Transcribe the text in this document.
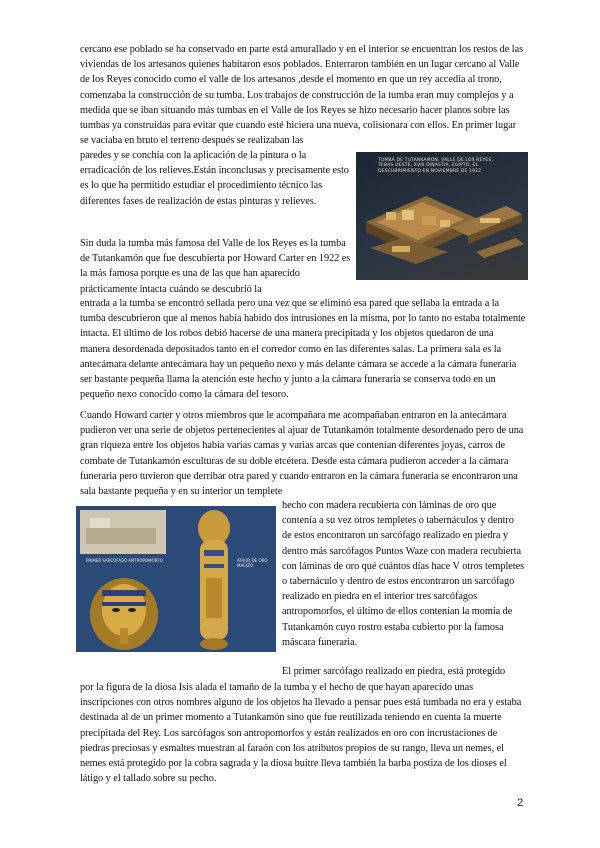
cercano ese poblado se ha conservado en parte está amurallado y en el interior se encuentran los restos de las viviendas de los artesanos quienes habitaron esos poblados. Enterraron también en un lugar cercano al Valle de los Reyes conocido como el valle de los artesanos ,desde el momento en que un rey accedía al trono, comenzaba la construcción de su tumba. Los trabajos de construcción de la tumba eran muy complejos y a medida que se iban situando más tumbas en el Valle de los Reyes se hizo necesario hacer planos sobre las tumbas ya construidas para evitar que cuando esté hiciera una nueva, colisionara con ellos. En primer lugar se vaciaba en bruto el terreno después se realizaban las

paredes y se conchía con la aplicación de la pintura o la erradicación de los relieves.Están inconclusas y precisamente esto es lo que ha permitido estudiar el procedimiento técnico las diferentes fases de realización de estas pinturas y relieves.

TUMBA DE TUTANKAMON, VALLE DE LOS REYES, TEBAS OESTE, XVIII DINASTIA, EGIPTO, EL DESCUBRIMIENTO EN NOVIEMBRE DE 1922

Sin duda la tumba más famosa del Valle de los Reyes es la tumba de Tutankamón que fue descubierta por Howard Carter en 1922 es la más famosa porque es una de las que han aparecido prácticamente intacta cuándo se descubrió la

entrada a la tumba se encontró sellada pero una vez que se eliminó esa pared que sellaba la entrada a la tumba descubrieron que al menos había habido dos intrusiones en la misma, por lo tanto no estaba totalmente intacta. El último de los robos debió hacerse de una manera precipitada y los objetos quedaron de una manera desordenada depositados tanto en el corredor como en las diferentes salas. La primera sala es la antecámara delante antecámara hay un pequeño nexo y más delante cámara se accede a la cámara funeraria ser bastante pequeña llama la atención este hecho y junto a la cámara funeraria se conserva todo en un pequeño nexo conocido como la cámara del tesoro.

Cuando Howard carter y otros miembros que le acompañara me acompañaban entraron en la antecámara pudieron ver una serie de objetos pertenecientes al ajuar de Tutankamón totalmente desordenado pero de una gran riqueza entre los objetos había varias camas y varias arcas que contenían diferentes joyas, carros de combate de Tutankamón esculturas de su doble etcétera. Desde esta cámara pudieron acceder a la cámara funeraria pero tuvieron que derribar otra pared y cuando entraron en la cámara funeraria se encontraron una sala bastante pequeña y en su interior un templete

PRIMER SARCOFAGO ANTROPOMORFO	ATAUD DE ORO MACIZO

hecho con madera recubierta con láminas de oro que contenía a su vez otros templetes o tabernáculos y dentro de estos encontraron un sarcófago realizado en piedra y dentro más sarcófagos Puntos Waze con madera recubierta con láminas de oro qué cuántos días hace V otros templetes o tabernáculo y dentro de estos encontraron un sarcófago realizado en piedra en el interior tres sarcófagos antropomorfos, el último de ellos contenían la momia de Tutankamón cuyo rostro estaba cubierto por la famosa máscara funeraria.

El primer sarcófago realizado en piedra, está protegido

por la figura de la diosa Isis alada el tamaño de la tumba y el hecho de que hayan aparecido unas inscripciones con otros nombres alguno de los objetos ha llevado a pensar pues está tumbada no era y estaba destinada al de un primer momento a Tutankamón sino que fue reutilizada teniendo en cuenta la muerte precipitada del Rey. Los sarcófagos son antropomorfos y están realizados en oro con incrustaciones de piedras preciosas y esmaltes muestran al faraón con los atributos propios de su rango, lleva un nemes, el nemes está protegido por la cobra sagrada y la diosa buitre lleva también la barba postiza de los dioses el látigo y el tallado sobre su pecho.

2
